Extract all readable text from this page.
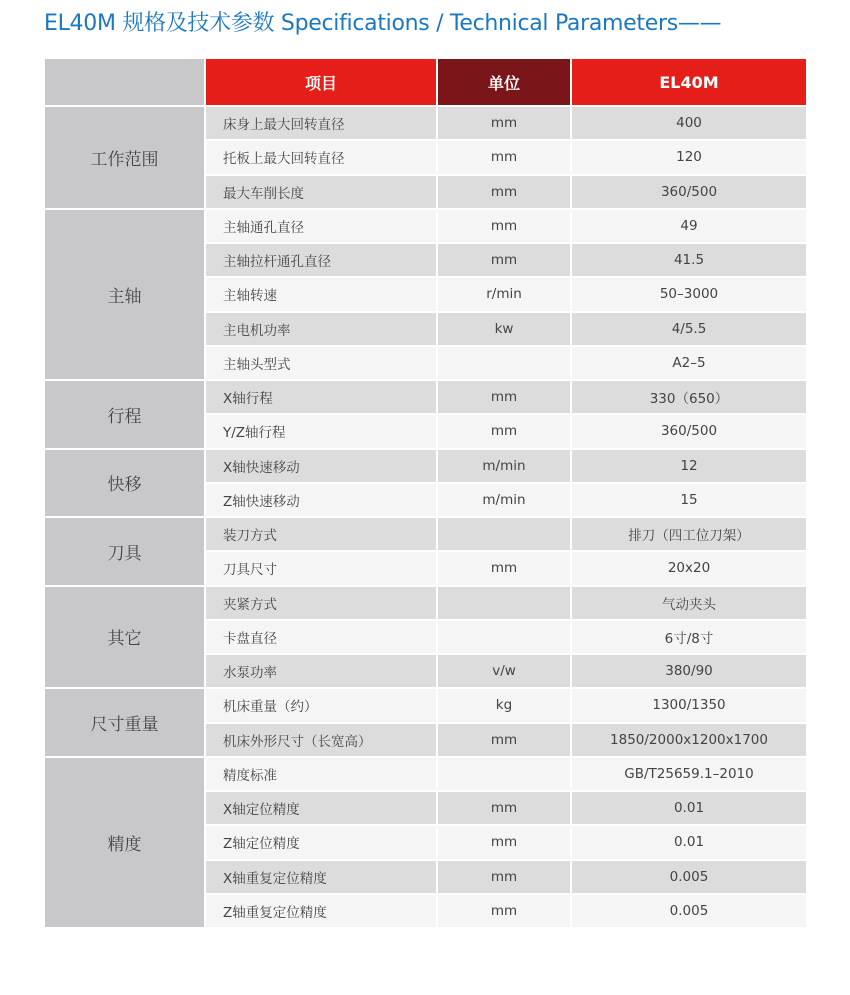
EL40M 规格及技术参数 Specifications / Technical Parameters——
	项目	单位	EL40M
工作范围	床身上最大回转直径	mm	400
	托板上最大回转直径	mm	120
	最大车削长度	mm	360/500
主轴	主轴通孔直径	mm	49
	主轴拉杆通孔直径	mm	41.5
	主轴转速	r/min	50–3000
	主电机功率	kw	4/5.5
	主轴头型式		A2–5
行程	X轴行程	mm	330（650）
	Y/Z轴行程	mm	360/500
快移	X轴快速移动	m/min	12
	Z轴快速移动	m/min	15
刀具	装刀方式		排刀（四工位刀架）
	刀具尺寸	mm	20x20
其它	夹紧方式		气动夹头
	卡盘直径		6寸/8寸
	水泵功率	v/w	380/90
尺寸重量	机床重量（约）	kg	1300/1350
	机床外形尺寸（长宽高）	mm	1850/2000x1200x1700
精度	精度标准		GB/T25659.1–2010
	X轴定位精度	mm	0.01
	Z轴定位精度	mm	0.01
	X轴重复定位精度	mm	0.005
	Z轴重复定位精度	mm	0.005
